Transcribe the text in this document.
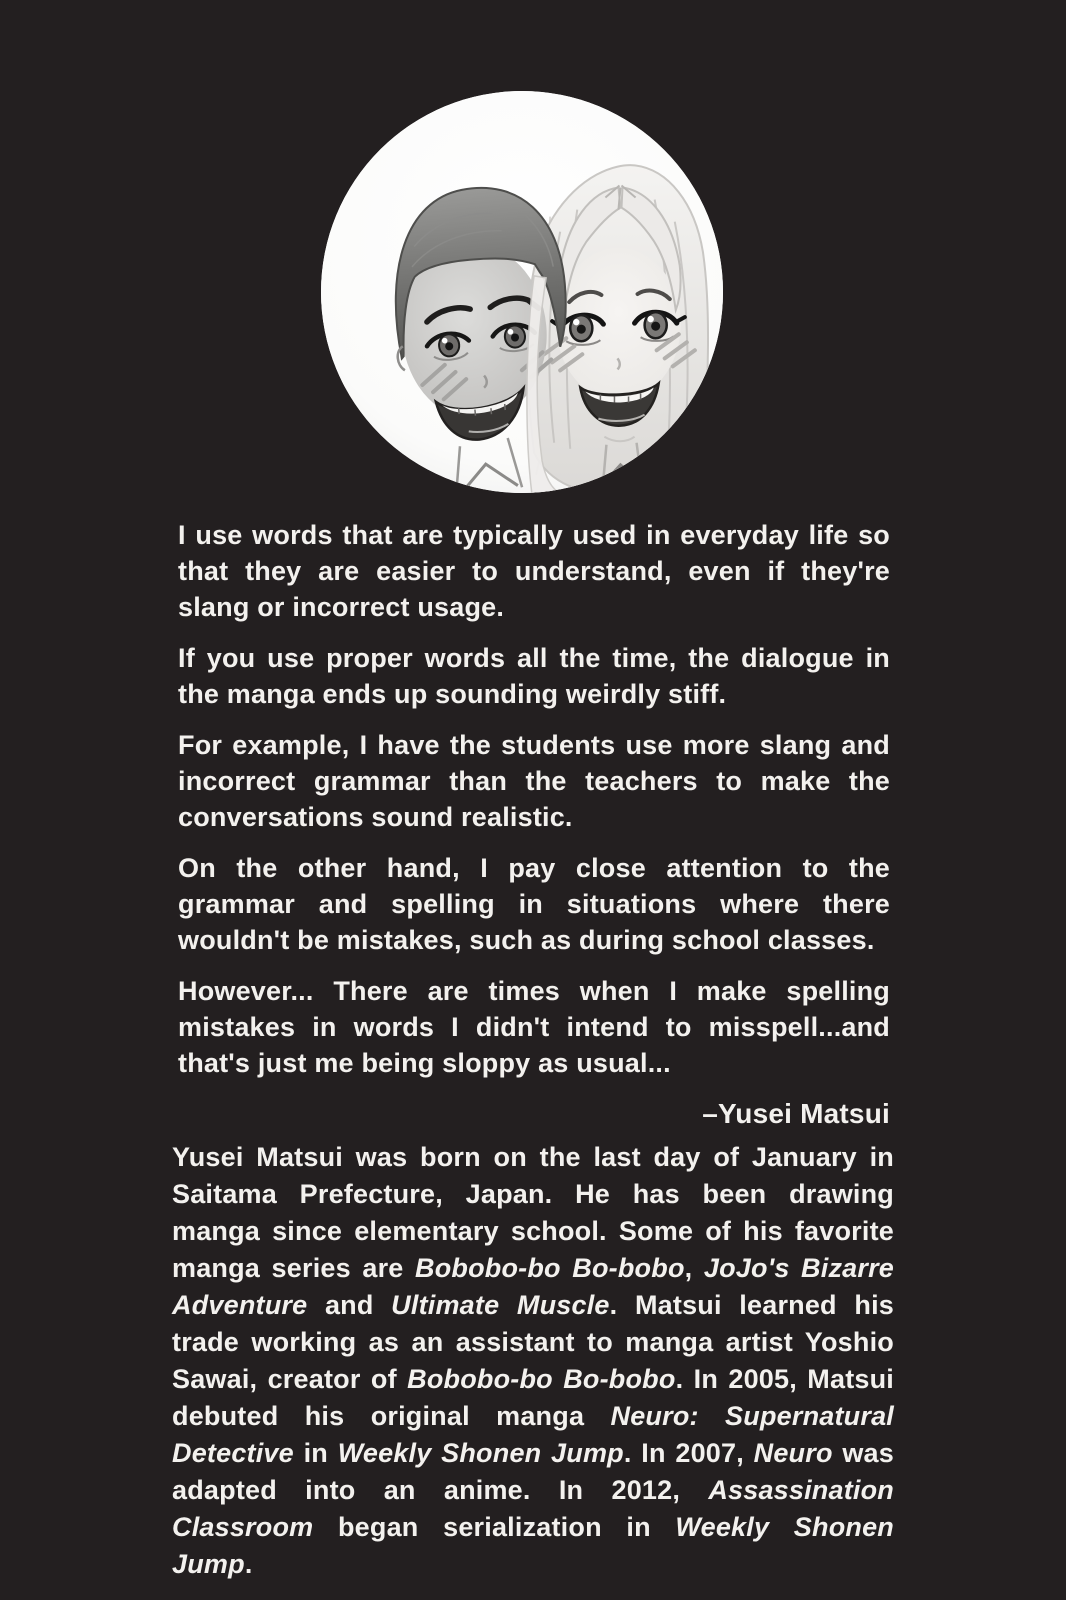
I use words that are typically used in everyday life so that they are easier to understand, even if they're slang or incorrect usage.

If you use proper words all the time, the dialogue in the manga ends up sounding weirdly stiff.

For example, I have the students use more slang and incorrect grammar than the teachers to make the conversations sound realistic.

On the other hand, I pay close attention to the grammar and spelling in situations where there wouldn't be mistakes, such as during school classes.

However... There are times when I make spelling mistakes in words I didn't intend to misspell...and that's just me being sloppy as usual...

–Yusei Matsui
Yusei Matsui was born on the last day of January in Saitama Prefecture, Japan. He has been drawing manga since elementary school. Some of his favorite manga series are Bobobo-bo Bo-bobo, JoJo's Bizarre Adventure and Ultimate Muscle. Matsui learned his trade working as an assistant to manga artist Yoshio Sawai, creator of Bobobo-bo Bo-bobo. In 2005, Matsui debuted his original manga Neuro: Supernatural Detective in Weekly Shonen Jump. In 2007, Neuro was adapted into an anime. In 2012, Assassination Classroom began serialization in Weekly Shonen Jump.
